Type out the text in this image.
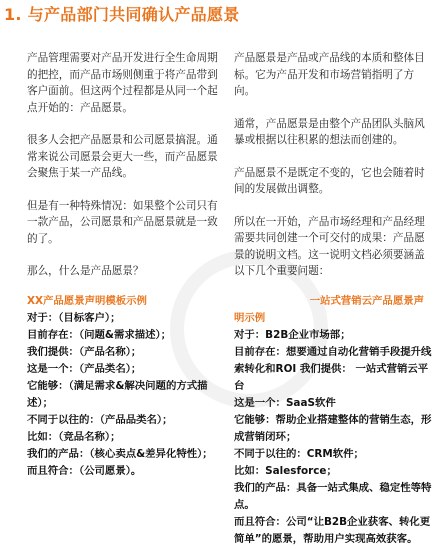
1. 与产品部门共同确认产品愿景

产品管理需要对产品开发进行全生命周期的把控，而产品市场则侧重于将产品带到客户面前。但这两个过程都是从同一个起点开始的：产品愿景。

很多人会把产品愿景和公司愿景搞混。通常来说公司愿景会更大一些，而产品愿景会聚焦于某一产品线。

但是有一种特殊情况：如果整个公司只有一款产品，公司愿景和产品愿景就是一致的了。

那么，什么是产品愿景？

产品愿景是产品或产品线的本质和整体目标。它为产品开发和市场营销指明了方向。

通常，产品愿景是由整个产品团队头脑风暴或根据以往积累的想法而创建的。

产品愿景不是既定不变的，它也会随着时间的发展做出调整。

所以在一开始，产品市场经理和产品经理需要共同创建一个可交付的成果：产品愿景的说明文档。这一说明文档必须要涵盖以下几个重要问题：

XX产品愿景声明模板示例

对于：（目标客户）；

目前存在：（问题&需求描述）；

我们提供：（产品名称）；

这是一个：（产品类名）；

它能够：（满足需求&解决问题的方式描述）；

不同于以往的：（产品品类名）；

比如：（竞品名称）；

我们的产品：（核心卖点&差异化特性）；

而且符合：（公司愿景）。

一站式营销云产品愿景声
明示例

对于：B2B企业市场部；

目前存在：想要通过自动化营销手段提升线索转化和ROI 我们提供： 一站式营销云平台

这是一个：SaaS软件

它能够：帮助企业搭建整体的营销生态，形成营销闭环；

不同于以往的：CRM软件；

比如：Salesforce；

我们的产品：具备一站式集成、稳定性等特点。

而且符合：公司“让B2B企业获客、转化更简单”的愿景，帮助用户实现高效获客。
